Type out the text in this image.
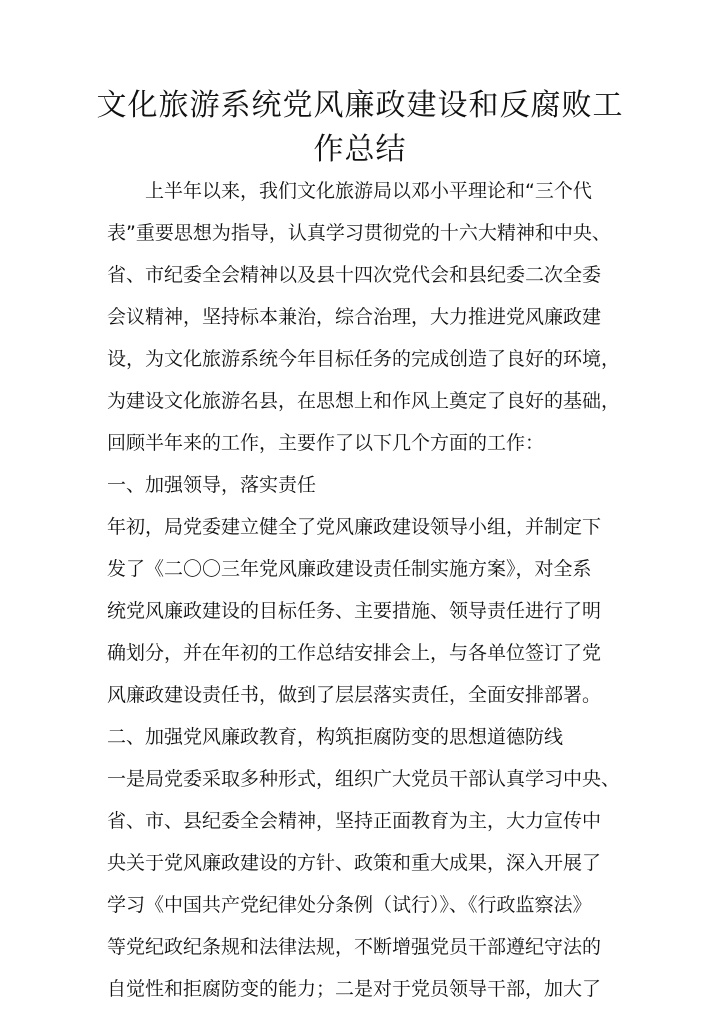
文化旅游系统党风廉政建设和反腐败工
作总结
　　上半年以来，我们文化旅游局以邓小平理论和“三个代
表”重要思想为指导，认真学习贯彻党的十六大精神和中央、
省、市纪委全会精神以及县十四次党代会和县纪委二次全委
会议精神，坚持标本兼治，综合治理，大力推进党风廉政建
设，为文化旅游系统今年目标任务的完成创造了良好的环境，
为建设文化旅游名县，在思想上和作风上奠定了良好的基础，
回顾半年来的工作，主要作了以下几个方面的工作：
一、加强领导，落实责任
年初，局党委建立健全了党风廉政建设领导小组，并制定下
发了《二〇〇三年党风廉政建设责任制实施方案》，对全系
统党风廉政建设的目标任务、主要措施、领导责任进行了明
确划分，并在年初的工作总结安排会上，与各单位签订了党
风廉政建设责任书，做到了层层落实责任，全面安排部署。
二、加强党风廉政教育，构筑拒腐防变的思想道德防线
一是局党委采取多种形式，组织广大党员干部认真学习中央、
省、市、县纪委全会精神，坚持正面教育为主，大力宣传中
央关于党风廉政建设的方针、政策和重大成果，深入开展了
学习《中国共产党纪律处分条例（试行）》、《行政监察法》
等党纪政纪条规和法律法规，不断增强党员干部遵纪守法的
自觉性和拒腐防变的能力；二是对于党员领导干部，加大了
